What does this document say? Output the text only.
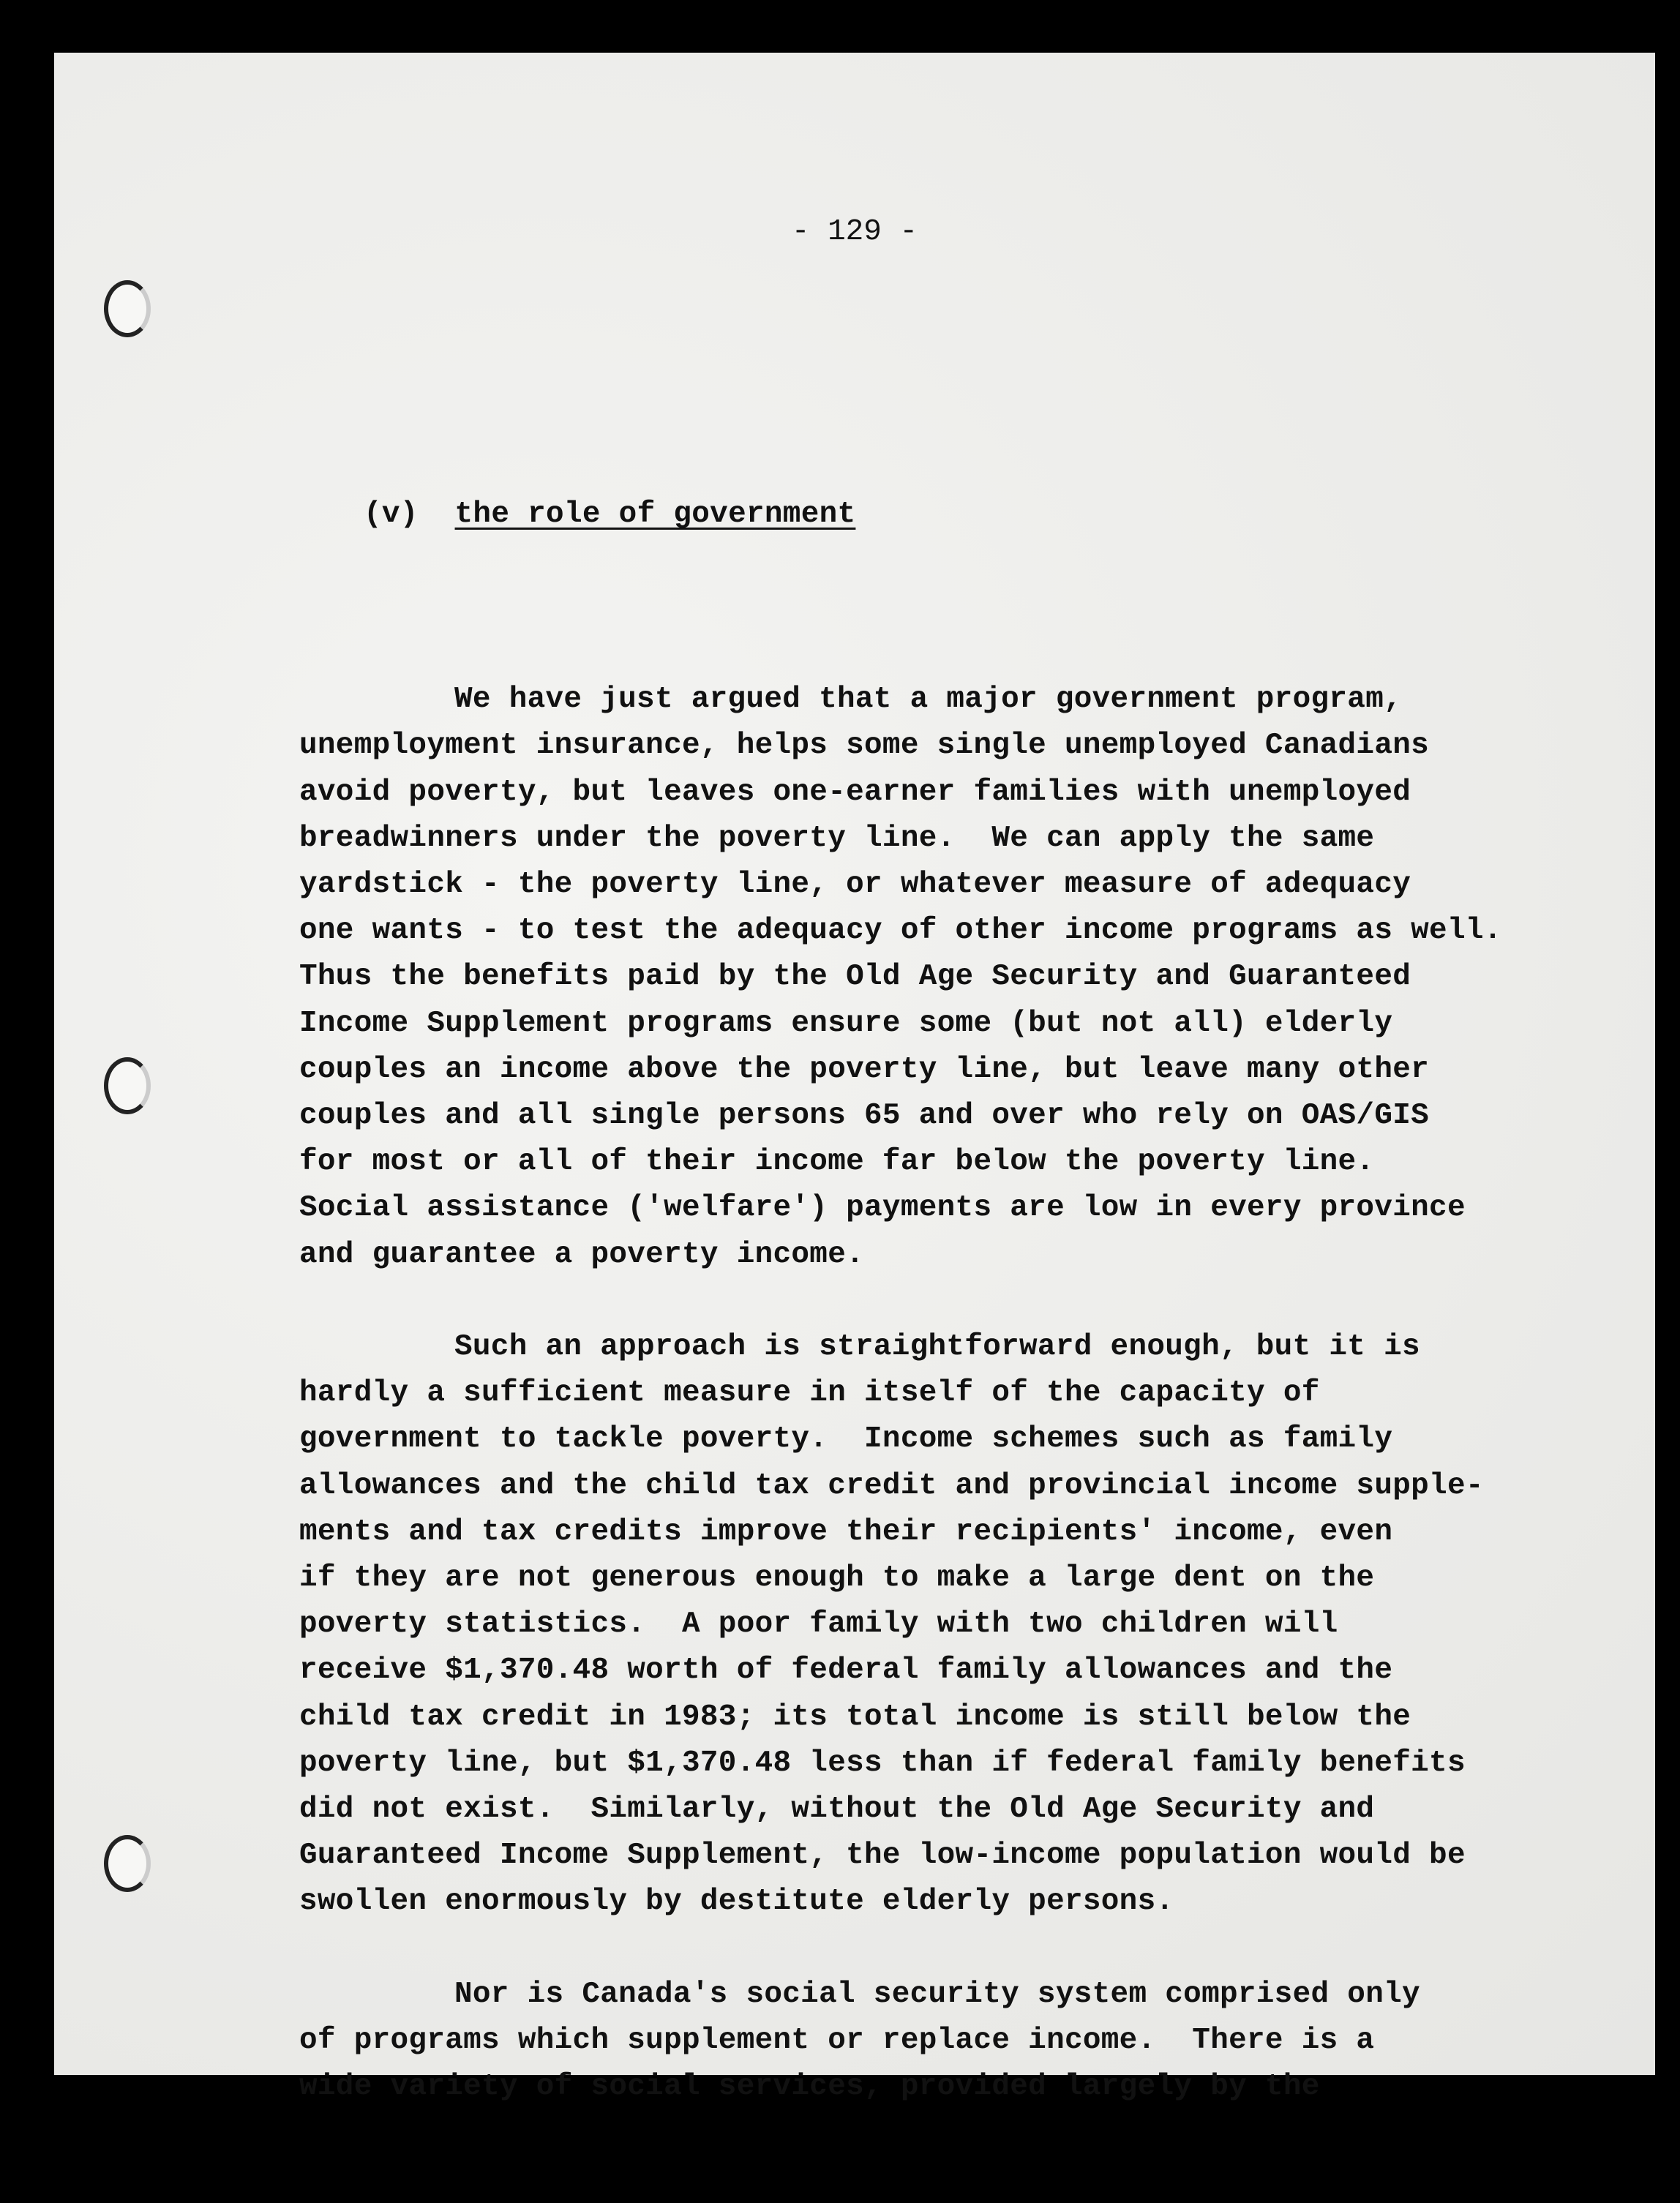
- 129 -

(v) the role of government

We have just argued that a major government program,
unemployment insurance, helps some single unemployed Canadians
avoid poverty, but leaves one-earner families with unemployed
breadwinners under the poverty line.  We can apply the same
yardstick - the poverty line, or whatever measure of adequacy
one wants - to test the adequacy of other income programs as well.
Thus the benefits paid by the Old Age Security and Guaranteed
Income Supplement programs ensure some (but not all) elderly
couples an income above the poverty line, but leave many other
couples and all single persons 65 and over who rely on OAS/GIS
for most or all of their income far below the poverty line.
Social assistance ('welfare') payments are low in every province
and guarantee a poverty income.
Such an approach is straightforward enough, but it is
hardly a sufficient measure in itself of the capacity of
government to tackle poverty.  Income schemes such as family
allowances and the child tax credit and provincial income supple-
ments and tax credits improve their recipients' income, even
if they are not generous enough to make a large dent on the
poverty statistics.  A poor family with two children will
receive $1,370.48 worth of federal family allowances and the
child tax credit in 1983; its total income is still below the
poverty line, but $1,370.48 less than if federal family benefits
did not exist.  Similarly, without the Old Age Security and
Guaranteed Income Supplement, the low-income population would be
swollen enormously by destitute elderly persons.
Nor is Canada's social security system comprised only
of programs which supplement or replace income.  There is a
wide variety of social services, provided largely by the
